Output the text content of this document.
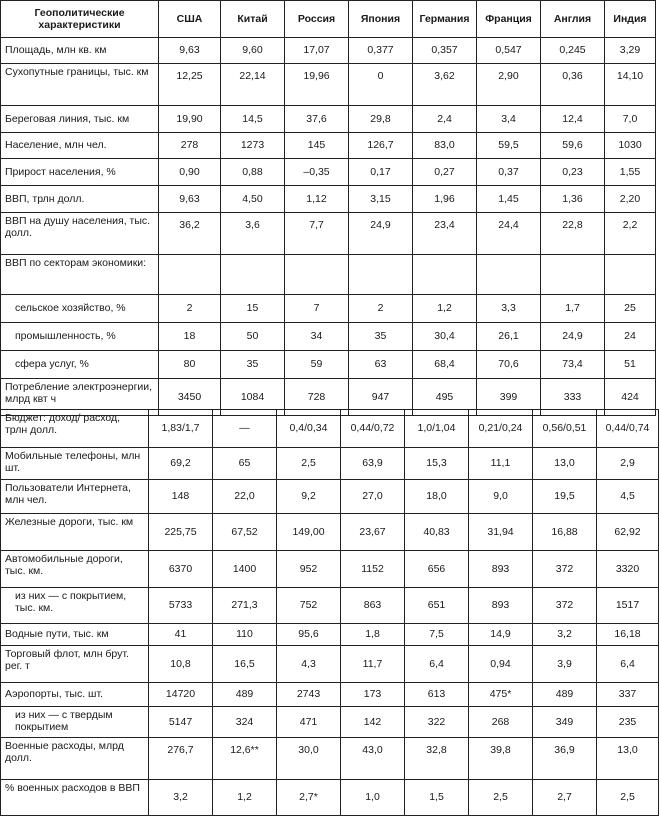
Геополитические характеристики	США	Китай	Россия	Япония	Германия	Франция	Англия	Индия
Площадь, млн кв. км	9,63	9,60	17,07	0,377	0,357	0,547	0,245	3,29
Сухопутные границы, тыс. км	12,25	22,14	19,96	0	3,62	2,90	0,36	14,10
Береговая линия, тыс. км	19,90	14,5	37,6	29,8	2,4	3,4	12,4	7,0
Население, млн чел.	278	1273	145	126,7	83,0	59,5	59,6	1030
Прирост населения, %	0,90	0,88	–0,35	0,17	0,27	0,37	0,23	1,55
ВВП, трлн долл.	9,63	4,50	1,12	3,15	1,96	1,45	1,36	2,20
ВВП на душу населения, тыс. долл.	36,2	3,6	7,7	24,9	23,4	24,4	22,8	2,2
ВВП по секторам экономики:								
сельское хозяйство, %	2	15	7	2	1,2	3,3	1,7	25
промышленность, %	18	50	34	35	30,4	26,1	24,9	24
сфера услуг, %	80	35	59	63	68,4	70,6	73,4	51
Потребление электроэнергии, млрд квт ч	3450	1084	728	947	495	399	333	424
Бюджет: доход/ расход, трлн долл.	1,83/1,7	—	0,4/0,34	0,44/0,72	1,0/1,04	0,21/0,24	0,56/0,51	0,44/0,74
Мобильные телефоны, млн шт.	69,2	65	2,5	63,9	15,3	11,1	13,0	2,9
Пользователи Интернета, млн чел.	148	22,0	9,2	27,0	18,0	9,0	19,5	4,5
Железные дороги, тыс. км	225,75	67,52	149,00	23,67	40,83	31,94	16,88	62,92
Автомобильные дороги, тыс. км.	6370	1400	952	1152	656	893	372	3320
из них — с покрытием, тыс. км.	5733	271,3	752	863	651	893	372	1517
Водные пути, тыс. км	41	110	95,6	1,8	7,5	14,9	3,2	16,18
Торговый флот, млн брут. рег. т	10,8	16,5	4,3	11,7	6,4	0,94	3,9	6,4
Аэропорты, тыс. шт.	14720	489	2743	173	613	475*	489	337
из них — с твердым покрытием	5147	324	471	142	322	268	349	235
Военные расходы, млрд долл.	276,7	12,6**	30,0	43,0	32,8	39,8	36,9	13,0
% военных расходов в ВВП	3,2	1,2	2,7*	1,0	1,5	2,5	2,7	2,5
